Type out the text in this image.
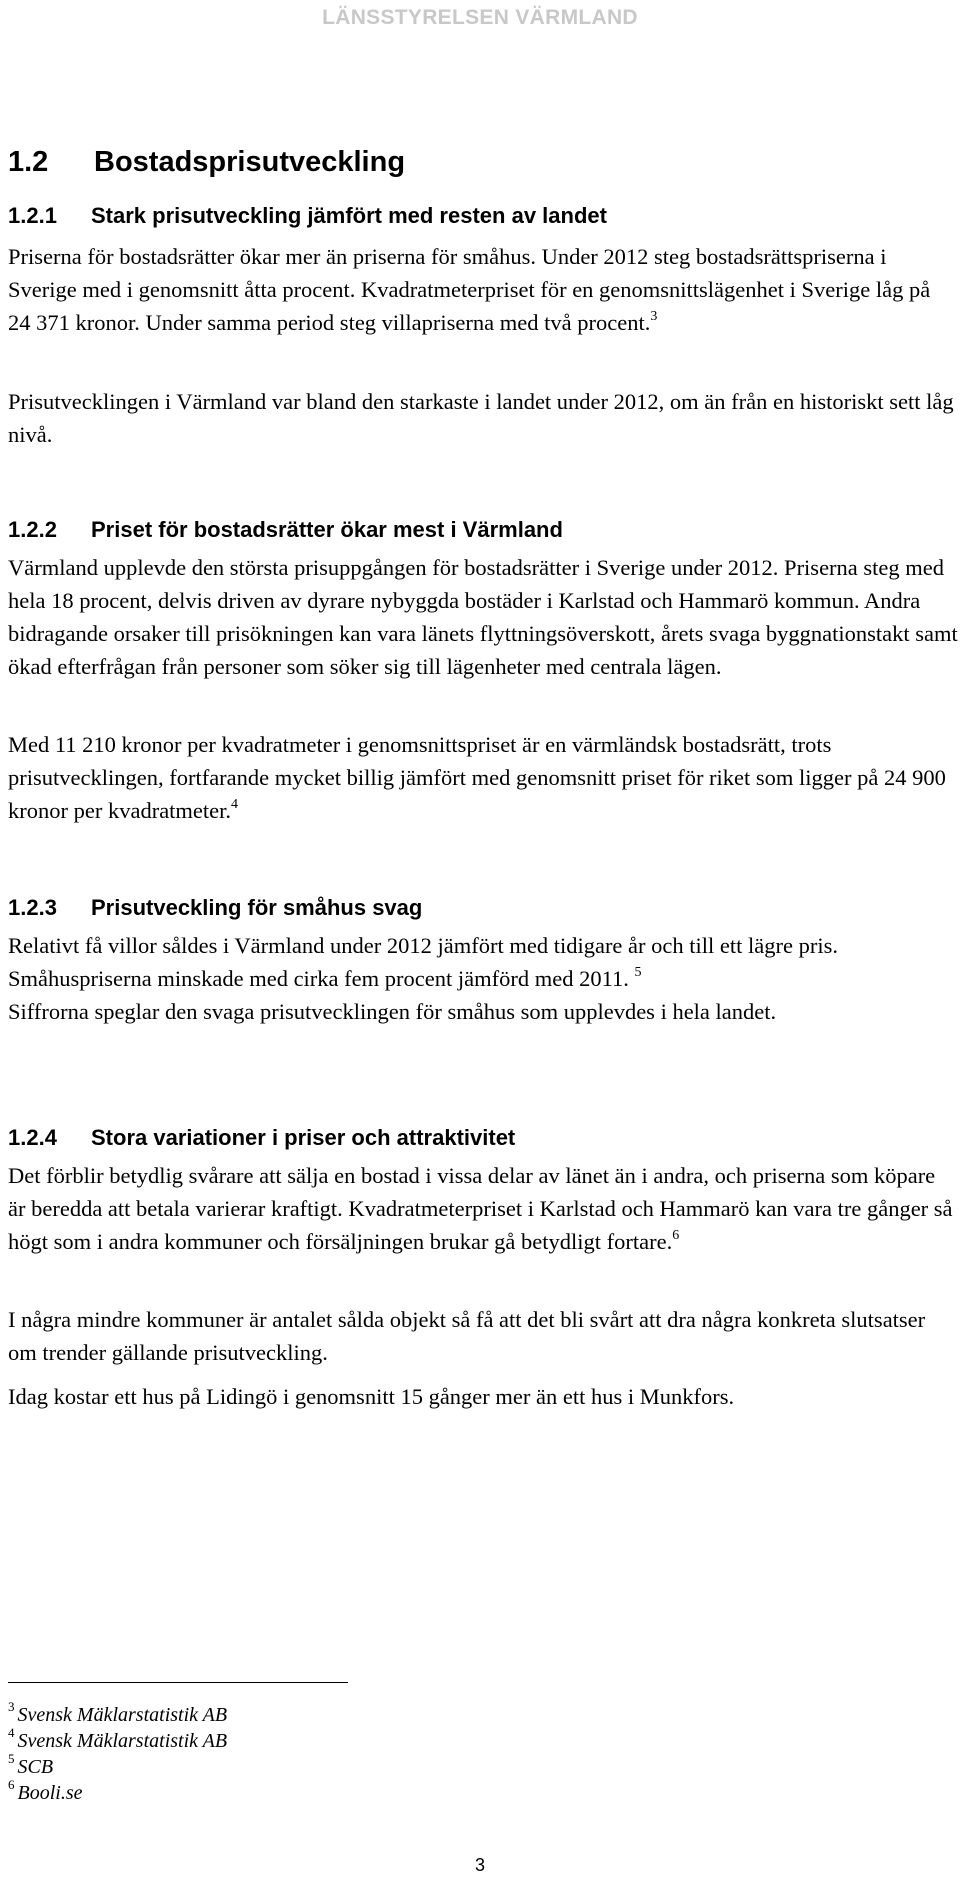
LÄNSSTYRELSEN VÄRMLAND
1.2 Bostadsprisutveckling
1.2.1 Stark prisutveckling jämfört med resten av landet

Priserna för bostadsrätter ökar mer än priserna för småhus. Under 2012 steg bostadsrättspriserna i Sverige med i genomsnitt åtta procent. Kvadratmeterpriset för en genomsnittslägenhet i Sverige låg på 24 371 kronor. Under samma period steg villapriserna med två procent.$^3$

Prisutvecklingen i Värmland var bland den starkaste i landet under 2012, om än från en historiskt sett låg nivå.

1.2.2 Priset för bostadsrätter ökar mest i Värmland

Värmland upplevde den största prisuppgången för bostadsrätter i Sverige under 2012. Priserna steg med hela 18 procent, delvis driven av dyrare nybyggda bostäder i Karlstad och Hammarö kommun. Andra bidragande orsaker till prisökningen kan vara länets flyttningsöverskott, årets svaga byggnationstakt samt ökad efterfrågan från personer som söker sig till lägenheter med centrala lägen.

Med 11 210 kronor per kvadratmeter i genomsnittspriset är en värmländsk bostadsrätt, trots prisutvecklingen, fortfarande mycket billig jämfört med genomsnitt priset för riket som ligger på 24 900 kronor per kvadratmeter.$^4$

1.2.3 Prisutveckling för småhus svag

Relativt få villor såldes i Värmland under 2012 jämfört med tidigare år och till ett lägre pris. Småhuspriserna minskade med cirka fem procent jämförd med 2011. $^5$
Siffrorna speglar den svaga prisutvecklingen för småhus som upplevdes i hela landet.

1.2.4 Stora variationer i priser och attraktivitet

Det förblir betydlig svårare att sälja en bostad i vissa delar av länet än i andra, och priserna som köpare är beredda att betala varierar kraftigt. Kvadratmeterpriset i Karlstad och Hammarö kan vara tre gånger så högt som i andra kommuner och försäljningen brukar gå betydligt fortare.$^6$

I några mindre kommuner är antalet sålda objekt så få att det bli svårt att dra några konkreta slutsatser om trender gällande prisutveckling.

Idag kostar ett hus på Lidingö i genomsnitt 15 gånger mer än ett hus i Munkfors.

$^3$ Svensk Mäklarstatistik AB
$^4$ Svensk Mäklarstatistik AB
$^5$ SCB
$^6$ Booli.se
3
